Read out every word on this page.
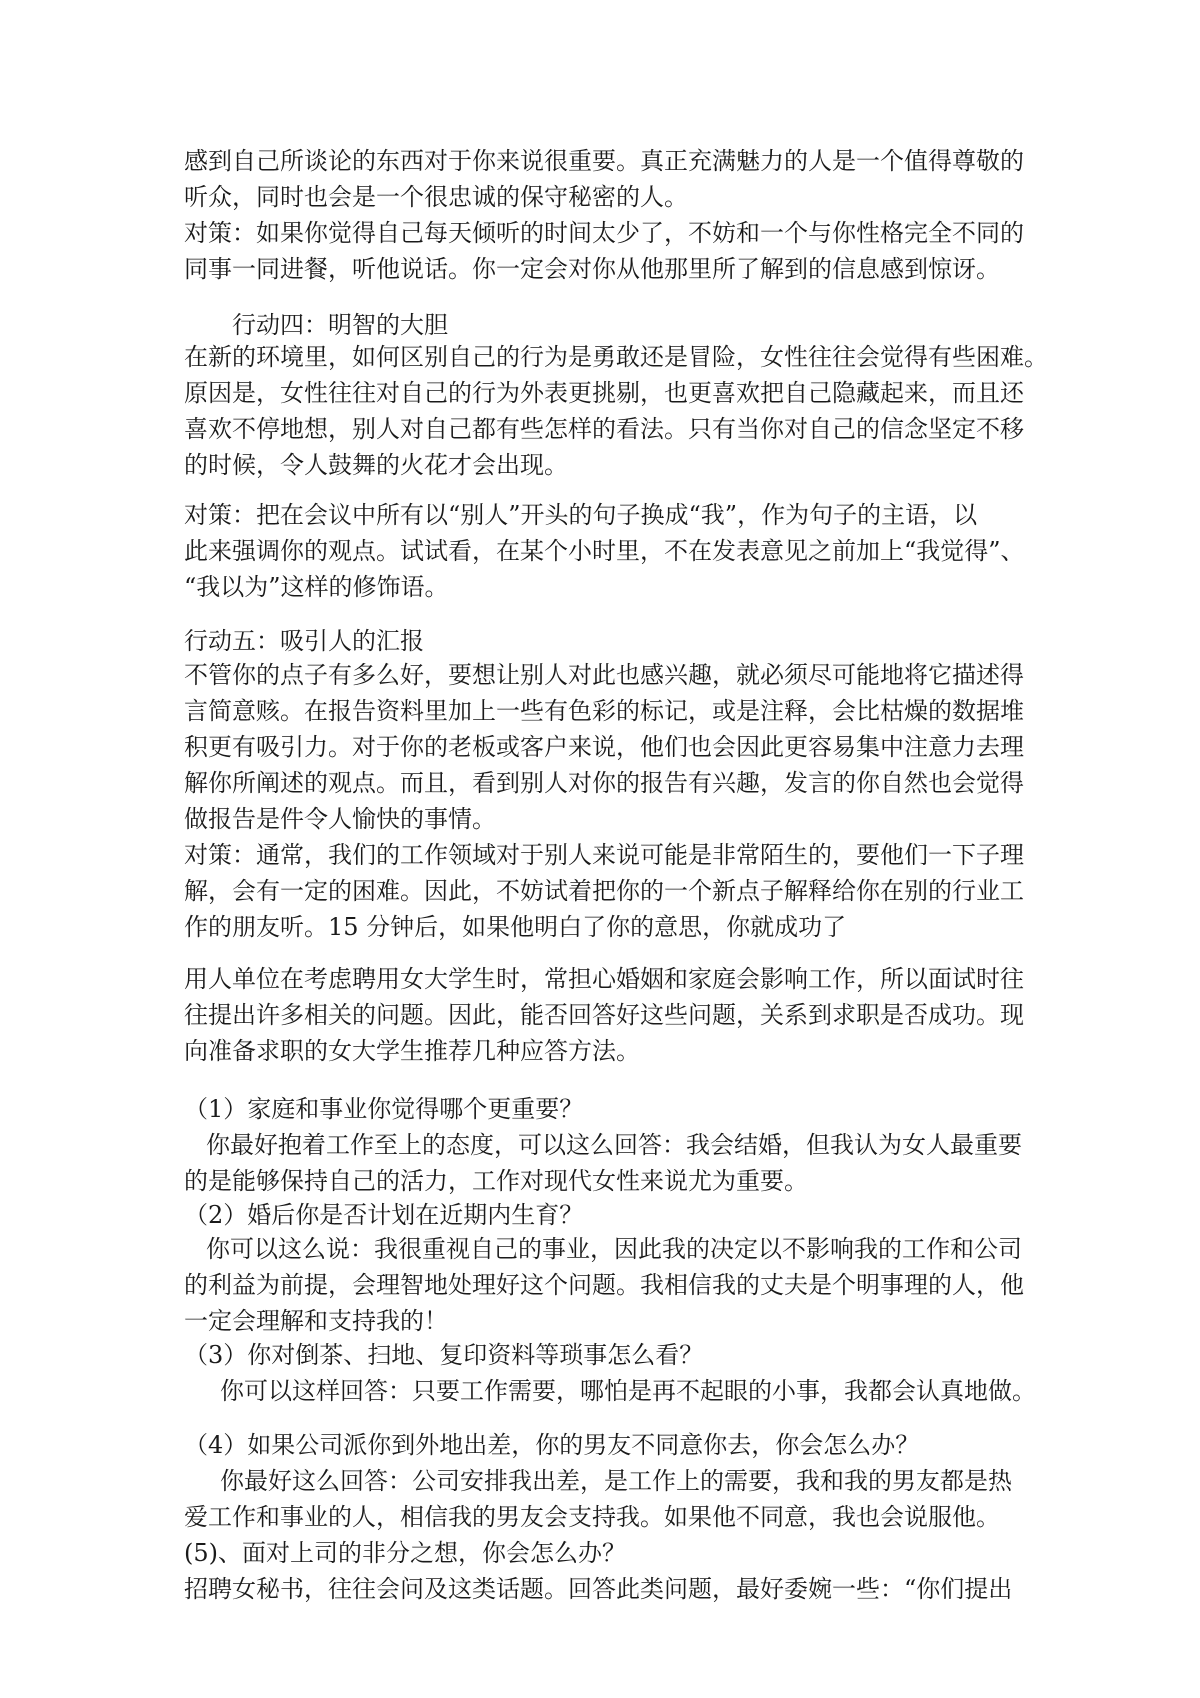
感到自己所谈论的东西对于你来说很重要。真正充满魅力的人是一个值得尊敬的
听众，同时也会是一个很忠诚的保守秘密的人。
对策：如果你觉得自己每天倾听的时间太少了，不妨和一个与你性格完全不同的
同事一同进餐，听他说话。你一定会对你从他那里所了解到的信息感到惊讶。
行动四：明智的大胆
在新的环境里，如何区别自己的行为是勇敢还是冒险，女性往往会觉得有些困难。
原因是，女性往往对自己的行为外表更挑剔，也更喜欢把自己隐藏起来，而且还
喜欢不停地想，别人对自己都有些怎样的看法。只有当你对自己的信念坚定不移
的时候，令人鼓舞的火花才会出现。
对策：把在会议中所有以“别人”开头的句子换成“我”，作为句子的主语，以
此来强调你的观点。试试看，在某个小时里，不在发表意见之前加上“我觉得”、
“我以为”这样的修饰语。
行动五：吸引人的汇报
不管你的点子有多么好，要想让别人对此也感兴趣，就必须尽可能地将它描述得
言简意赅。在报告资料里加上一些有色彩的标记，或是注释，会比枯燥的数据堆
积更有吸引力。对于你的老板或客户来说，他们也会因此更容易集中注意力去理
解你所阐述的观点。而且，看到别人对你的报告有兴趣，发言的你自然也会觉得
做报告是件令人愉快的事情。
对策：通常，我们的工作领域对于别人来说可能是非常陌生的，要他们一下子理
解，会有一定的困难。因此，不妨试着把你的一个新点子解释给你在别的行业工
作的朋友听。15 分钟后，如果他明白了你的意思，你就成功了
用人单位在考虑聘用女大学生时，常担心婚姻和家庭会影响工作，所以面试时往
往提出许多相关的问题。因此，能否回答好这些问题，关系到求职是否成功。现
向准备求职的女大学生推荐几种应答方法。
（1）家庭和事业你觉得哪个更重要？
你最好抱着工作至上的态度，可以这么回答：我会结婚，但我认为女人最重要
的是能够保持自己的活力，工作对现代女性来说尤为重要。
（2）婚后你是否计划在近期内生育？
你可以这么说：我很重视自己的事业，因此我的决定以不影响我的工作和公司
的利益为前提，会理智地处理好这个问题。我相信我的丈夫是个明事理的人，他
一定会理解和支持我的！
（3）你对倒茶、扫地、复印资料等琐事怎么看？
你可以这样回答：只要工作需要，哪怕是再不起眼的小事，我都会认真地做。
（4）如果公司派你到外地出差，你的男友不同意你去，你会怎么办？
你最好这么回答：公司安排我出差，是工作上的需要，我和我的男友都是热
爱工作和事业的人，相信我的男友会支持我。如果他不同意，我也会说服他。
(5)、面对上司的非分之想，你会怎么办？
招聘女秘书，往往会问及这类话题。回答此类问题，最好委婉一些：“你们提出
